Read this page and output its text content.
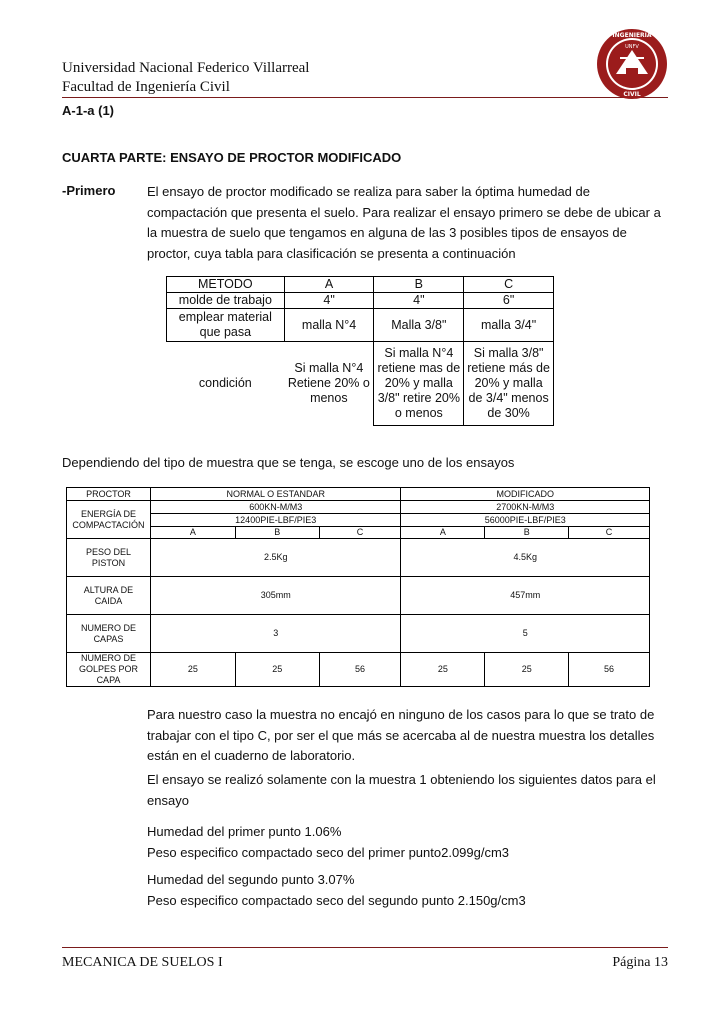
Universidad Nacional Federico Villarreal
Facultad de Ingeniería Civil
A-1-a (1)
INGENIERIA
CIVIL
UNFV
CUARTA PARTE: ENSAYO DE PROCTOR MODIFICADO
-Primero El ensayo de proctor modificado se realiza para saber la óptima humedad de compactación que presenta el suelo. Para realizar el ensayo primero se debe de ubicar a la muestra de suelo que tengamos en alguna de las 3 posibles tipos de ensayos de proctor, cuya tabla para clasificación se presenta a continuación
METODO	A	B	C
molde de trabajo	4"	4"	6"
emplear material que pasa	malla N°4	Malla 3/8"	malla 3/4"
condición	Si malla N°4 Retiene 20% o menos	Si malla N°4 retiene mas de 20% y malla 3/8" retire 20% o menos	Si malla 3/8" retiene más de 20% y malla de 3/4" menos de 30%
Dependiendo del tipo de muestra que se tenga, se escoge uno de los ensayos
PROCTOR	NORMAL O ESTANDAR			MODIFICADO		
ENERGÍA DE COMPACTACIÓN	600KN-M/M3			2700KN-M/M3		
	12400PIE-LBF/PIE3			56000PIE-LBF/PIE3		
	A	B	C	A	B	C
PESO DEL PISTON	2.5Kg			4.5Kg		
ALTURA DE CAIDA	305mm			457mm		
NUMERO DE CAPAS	3			5		
NUMERO DE GOLPES POR CAPA	25	25	56	25	25	56
Para nuestro caso la muestra no encajó en ninguno de los casos para lo que se trato de trabajar con el tipo C, por ser el que más se acercaba al de nuestra muestra los detalles están en el cuaderno de laboratorio.
El ensayo se realizó solamente con la muestra 1 obteniendo los siguientes datos para el ensayo
Humedad del primer punto 1.06%
Peso especifico compactado seco del primer punto2.099g/cm3
Humedad del segundo punto 3.07%
Peso especifico compactado seco del segundo punto 2.150g/cm3
MECANICA DE SUELOS I	Página 13
